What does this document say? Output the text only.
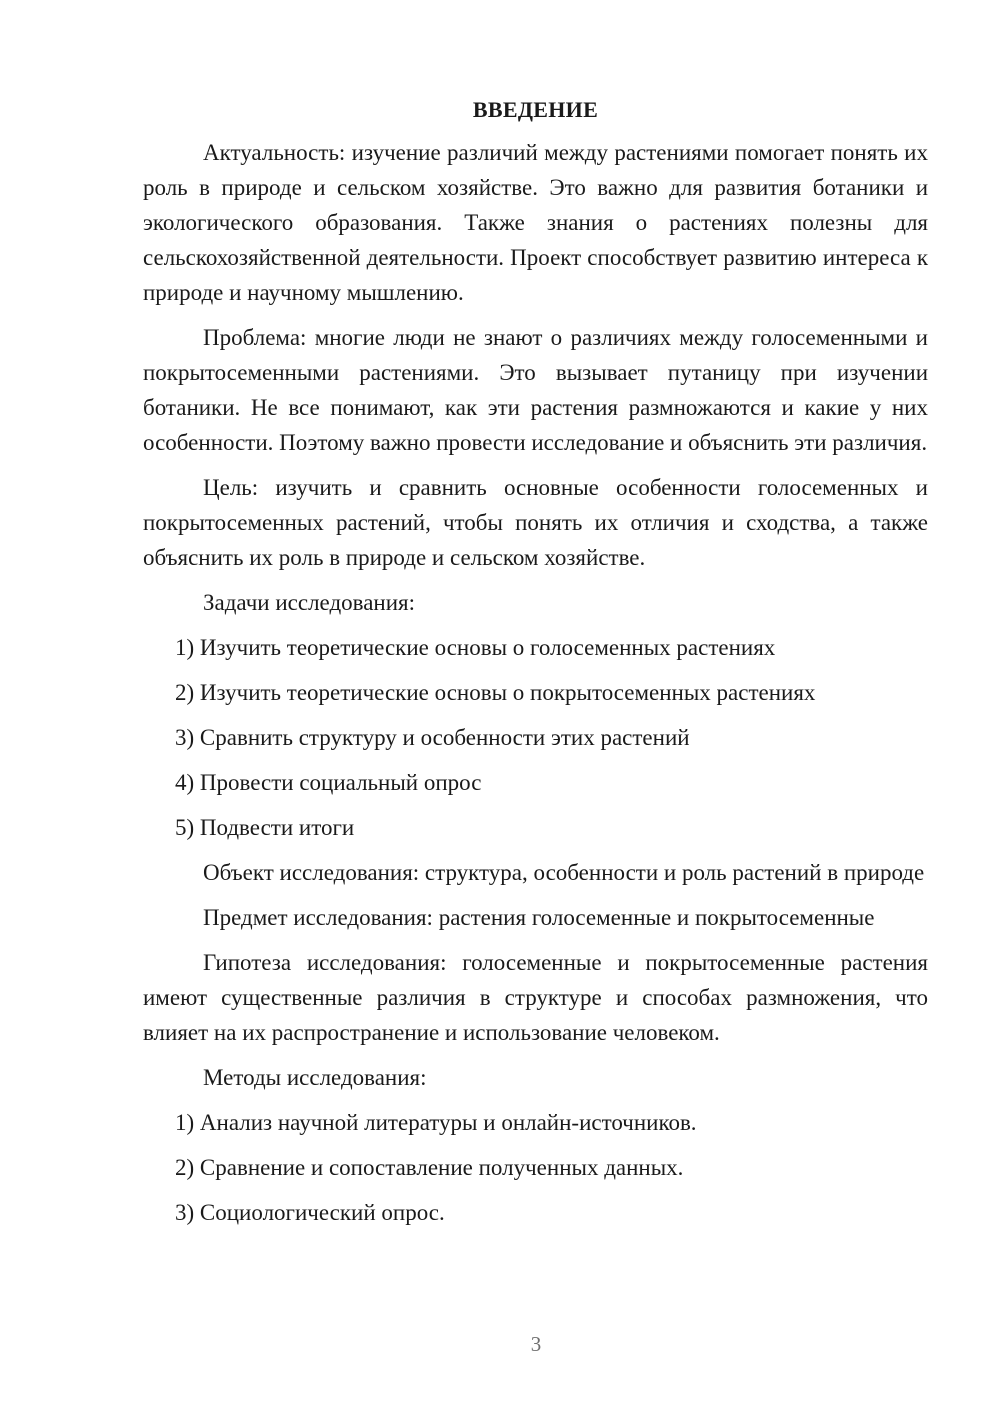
ВВЕДЕНИЕ

Актуальность: изучение различий между растениями помогает понять их роль в природе и сельском хозяйстве. Это важно для развития ботаники и экологического образования. Также знания о растениях полезны для сельскохозяйственной деятельности. Проект способствует развитию интереса к природе и научному мышлению.

Проблема: многие люди не знают о различиях между голосеменными и покрытосеменными растениями. Это вызывает путаницу при изучении ботаники. Не все понимают, как эти растения размножаются и какие у них особенности. Поэтому важно провести исследование и объяснить эти различия.

Цель: изучить и сравнить основные особенности голосеменных и покрытосеменных растений, чтобы понять их отличия и сходства, а также объяснить их роль в природе и сельском хозяйстве.

Задачи исследования:
1) Изучить теоретические основы о голосеменных растениях
2) Изучить теоретические основы о покрытосеменных растениях
3) Сравнить структуру и особенности этих растений
4) Провести социальный опрос
5) Подвести итоги

Объект исследования: структура, особенности и роль растений в природе

Предмет исследования: растения голосеменные и покрытосеменные

Гипотеза исследования: голосеменные и покрытосеменные растения имеют существенные различия в структуре и способах размножения, что влияет на их распространение и использование человеком.

Методы исследования:
1) Анализ научной литературы и онлайн-источников.
2) Сравнение и сопоставление полученных данных.
3) Социологический опрос.
3
